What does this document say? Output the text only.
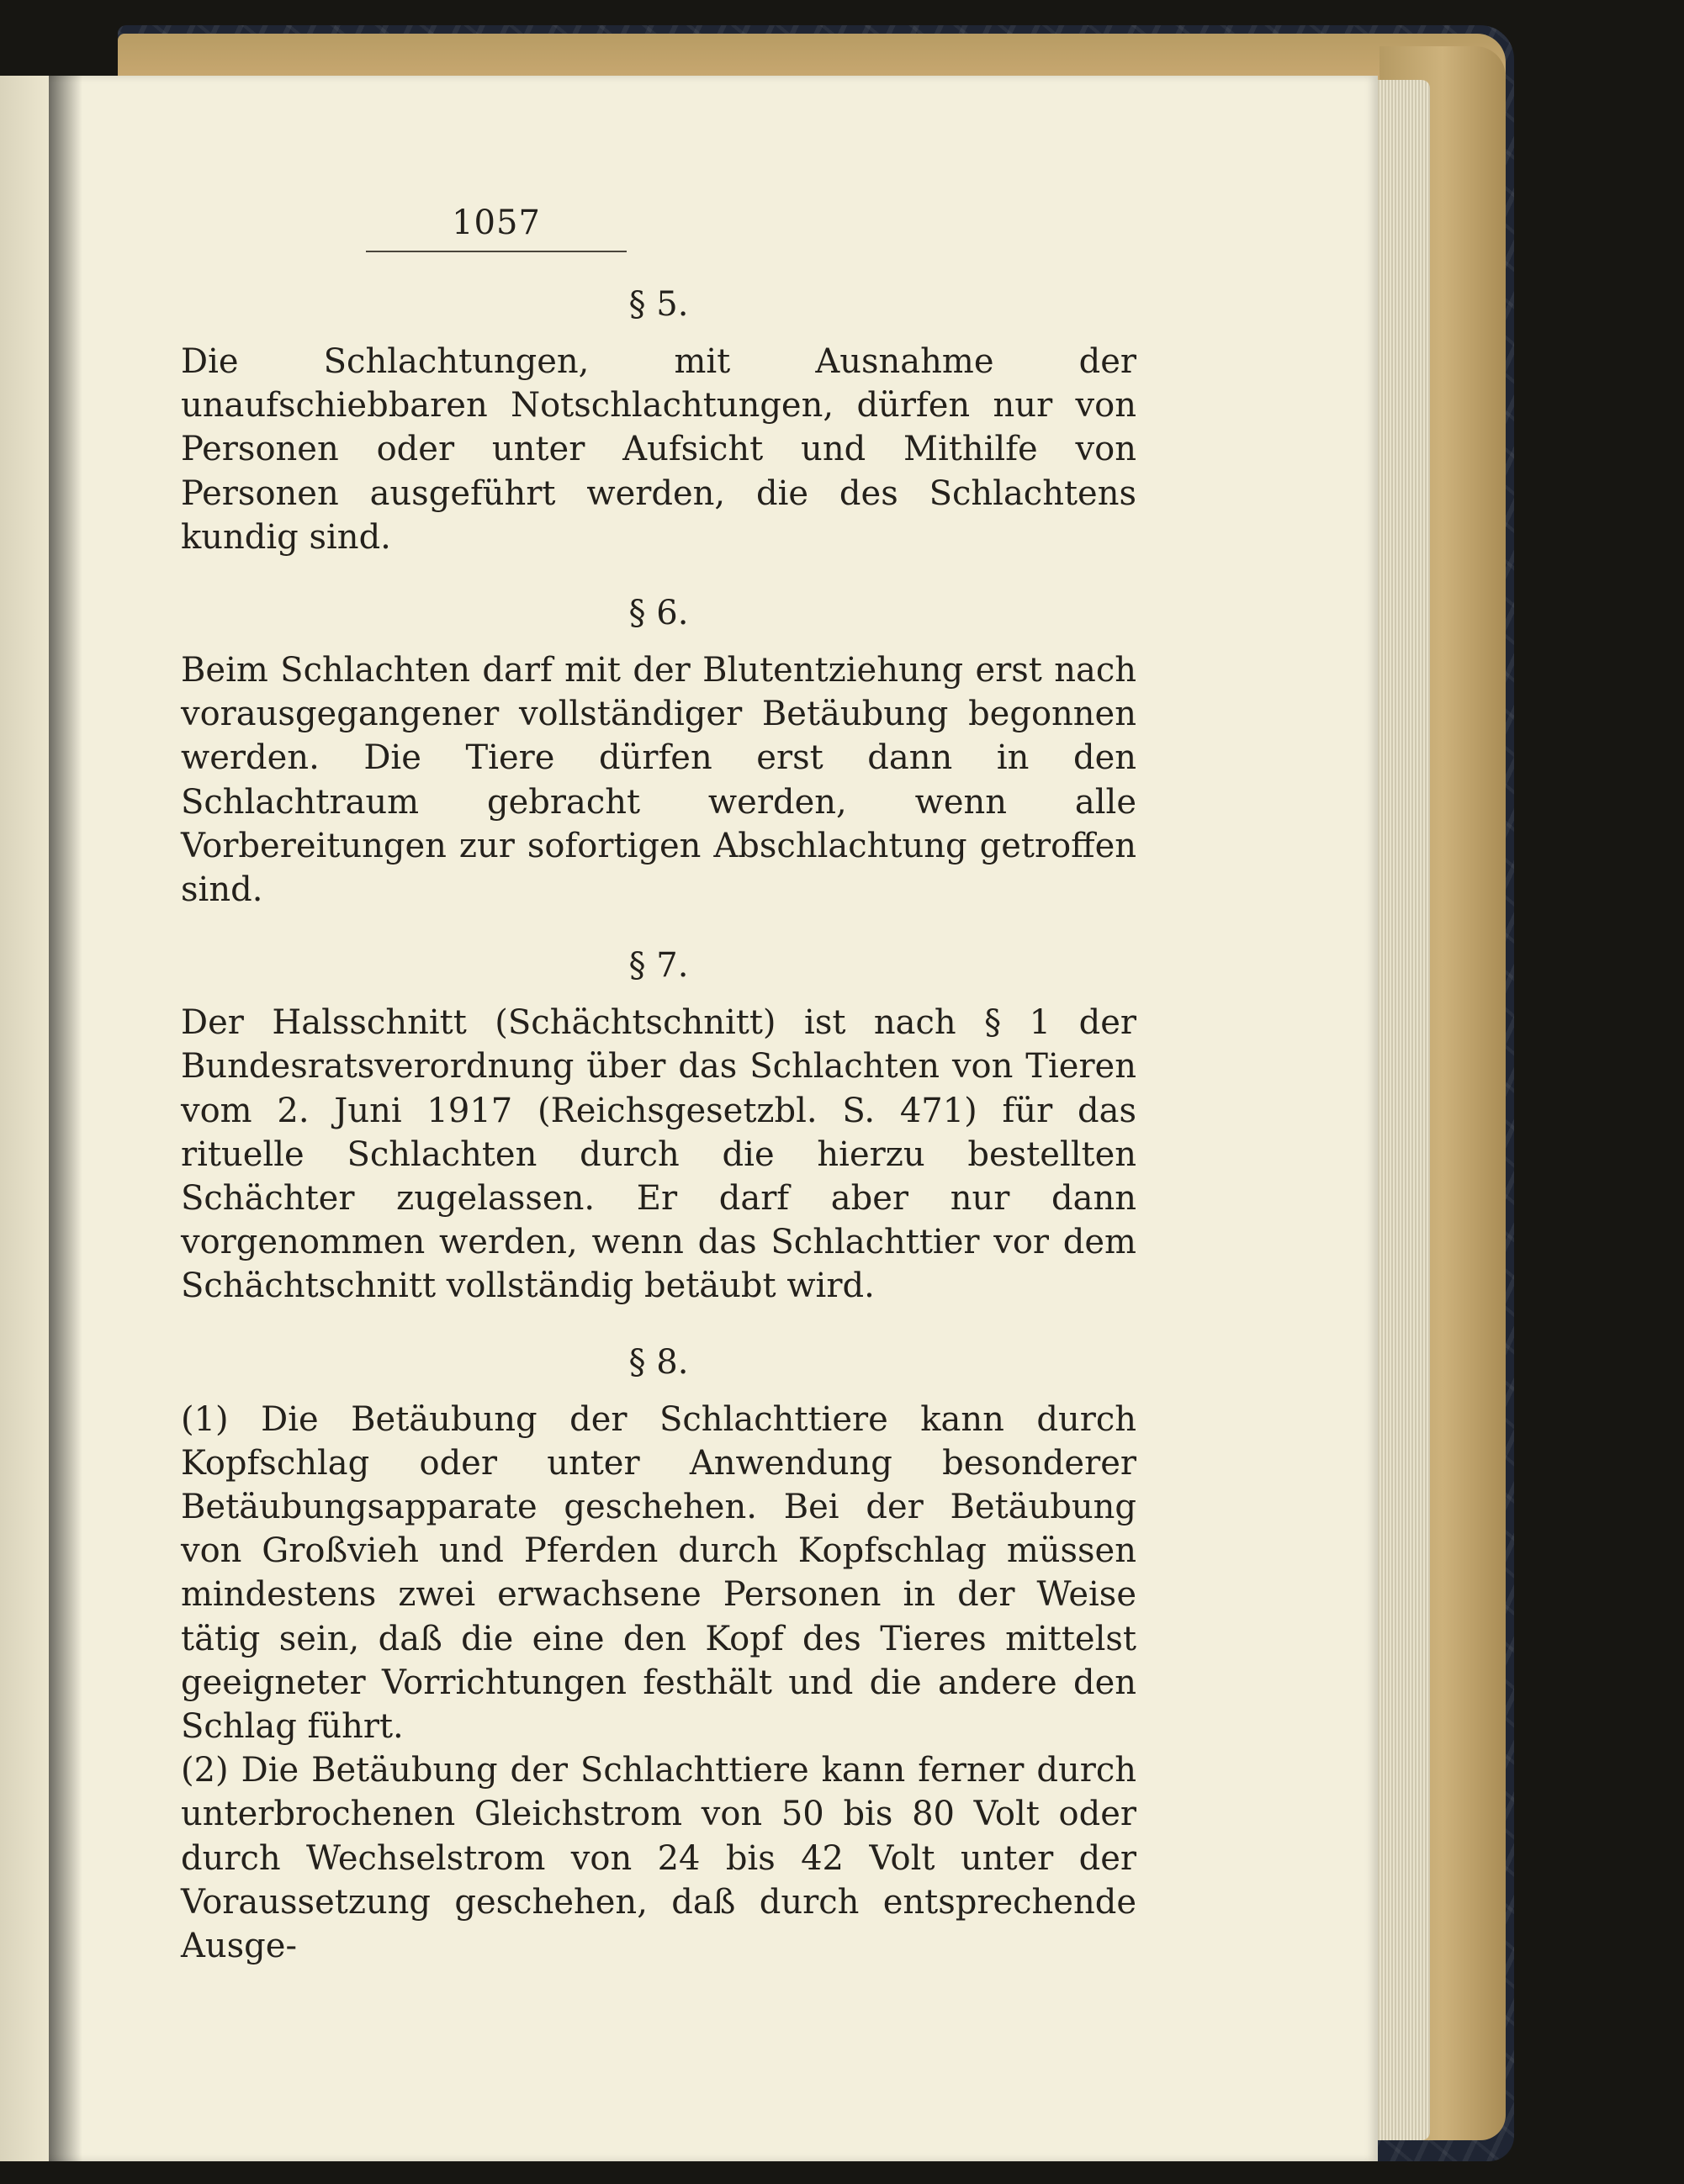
1057
§ 5.

Die Schlachtungen, mit Ausnahme der unaufschiebbaren Notschlachtungen, dürfen nur von Personen oder unter Aufsicht und Mithilfe von Personen ausgeführt werden, die des Schlachtens kundig sind.

§ 6.

Beim Schlachten darf mit der Blutentziehung erst nach vorausgegangener vollständiger Betäubung begonnen werden. Die Tiere dürfen erst dann in den Schlachtraum gebracht werden, wenn alle Vorbereitungen zur sofortigen Abschlachtung getroffen sind.

§ 7.

Der Halsschnitt (Schächtschnitt) ist nach § 1 der Bundesratsverordnung über das Schlachten von Tieren vom 2. Juni 1917 (Reichsgesetzbl. S. 471) für das rituelle Schlachten durch die hierzu bestellten Schächter zugelassen. Er darf aber nur dann vorgenommen werden, wenn das Schlachttier vor dem Schächtschnitt vollständig betäubt wird.

§ 8.

(1) Die Betäubung der Schlachttiere kann durch Kopfschlag oder unter Anwendung besonderer Betäubungsapparate geschehen. Bei der Betäubung von Großvieh und Pferden durch Kopfschlag müssen mindestens zwei erwachsene Personen in der Weise tätig sein, daß die eine den Kopf des Tieres mittelst geeigneter Vorrichtungen festhält und die andere den Schlag führt.

(2) Die Betäubung der Schlachttiere kann ferner durch unterbrochenen Gleichstrom von 50 bis 80 Volt oder durch Wechselstrom von 24 bis 42 Volt unter der Voraussetzung geschehen, daß durch entsprechende Ausge-
